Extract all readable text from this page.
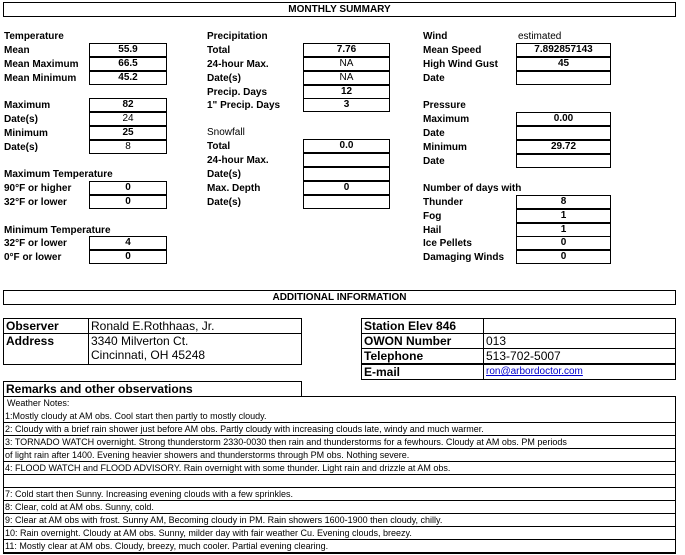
MONTHLY SUMMARY
Temperature
Mean	55.9
Mean Maximum	66.5
Mean Minimum	45.2
Maximum	82
Date(s)	24
Minimum	25
Date(s)	8
Maximum Temperature
90°F or higher	0
32°F or lower	0
Minimum Temperature
32°F or lower	4
0°F or lower	0
Precipitation
Total	7.76
24-hour Max.	NA
Date(s)	NA
Precip. Days	12
1" Precip. Days	3
Snowfall
Total	0.0
24-hour Max.
Date(s)
Max. Depth	0
Date(s)
Wind	estimated
Mean Speed	7.892857143
High Wind Gust	45
Date
Pressure
Maximum	0.00
Date
Minimum	29.72
Date
Number of days with
Thunder	8
Fog	1
Hail	1
Ice Pellets	0
Damaging Winds	0
ADDITIONAL INFORMATION
Observer	Ronald E.Rothhaas, Jr.
Address	3340 Milverton Ct.
Cincinnati, OH 45248
Station Elev 846
OWON Number	013
Telephone	513-702-5007
E-mail	ron@arbordoctor.com
Remarks and other observations
Weather Notes:
1:Mostly cloudy at AM obs. Cool start then partly to mostly cloudy.
2: Cloudy with a brief rain shower just before AM obs. Partly cloudy with increasing clouds late, windy and much warmer.
3: TORNADO WATCH overnight. Strong thunderstorm 2330-0030 then rain and thunderstorms for a fewhours. Cloudy at AM obs. PM periods
of light rain after 1400. Evening heavier showers and thunderstorms through PM obs. Nothing severe.
4: FLOOD WATCH and FLOOD ADVISORY. Rain overnight with some thunder. Light rain and drizzle at AM obs.
7: Cold start then Sunny. Increasing evening clouds with a few sprinkles.
8: Clear, cold at AM obs. Sunny, cold.
9: Clear at AM obs with frost. Sunny AM, Becoming cloudy in PM. Rain showers 1600-1900 then cloudy, chilly.
10: Rain overnight. Cloudy at AM obs. Sunny, milder day with fair weather Cu. Evening clouds, breezy.
11: Mostly clear at AM obs. Cloudy, breezy, much cooler. Partial evening clearing.
